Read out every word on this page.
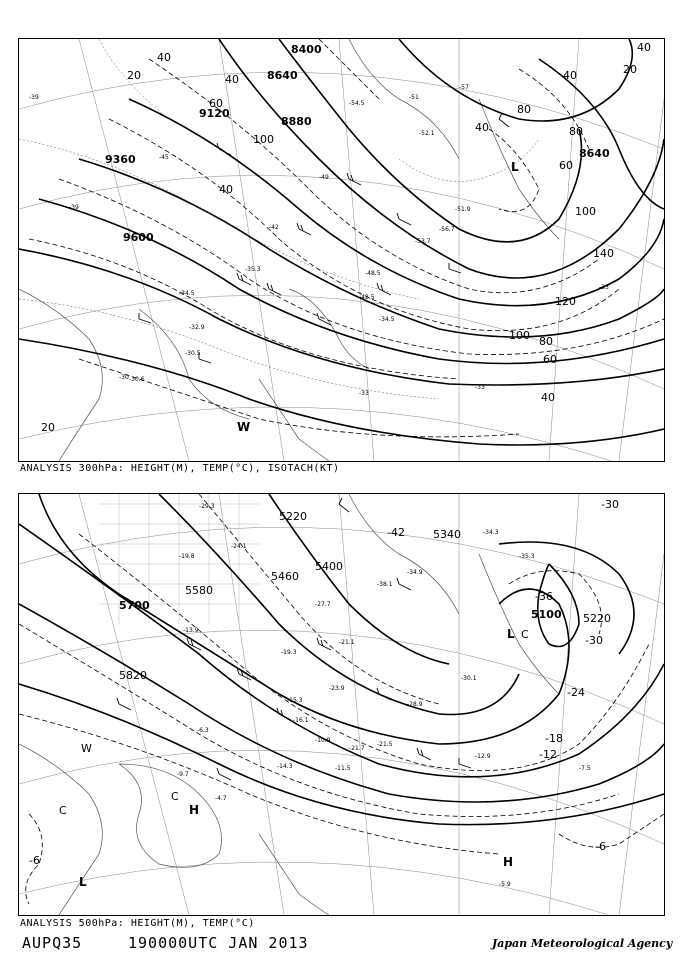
8400
8640
8880
9120
9360
9600
8640
40
20	40
60
100
40
40
20
40
80
60
80
100
140
120
100 80
60
40
20
40
-39
-45
-51
-57
-54.5
-52.1
-49
-42
-35.3
-34.5
-32.9
-30.5
-30.6
-33
-39	-51.9
-56.7
-53.7
-48.5
-42.5
-34.5
-33
-30
-33
L
W
ANALYSIS 300hPa: HEIGHT(M), TEMP(°C), ISOTACH(KT)
5220
5340
5400
5460
5580
5700
5820
5100 5220
-30
-36
-30
-24
-18
-12
-6
-6
-42
-29.3
-24.1
-19.8
-13.9
-21.1
-27.7
-38.1
-35.3
-34.3
-34.9
-28.9
-21.7
-30.1
-12.9
-7.5
-5.9
-4.7
-6.3
-9.7
-15.3
-19.3
-23.9
-10.9
-11.5
-14.3
-16.1
-21.5
L C
W
C
H
C
L
H
ANALYSIS 500hPa: HEIGHT(M), TEMP(°C)
AUPQ35	190000UTC JAN 2013	Japan Meteorological Agency
